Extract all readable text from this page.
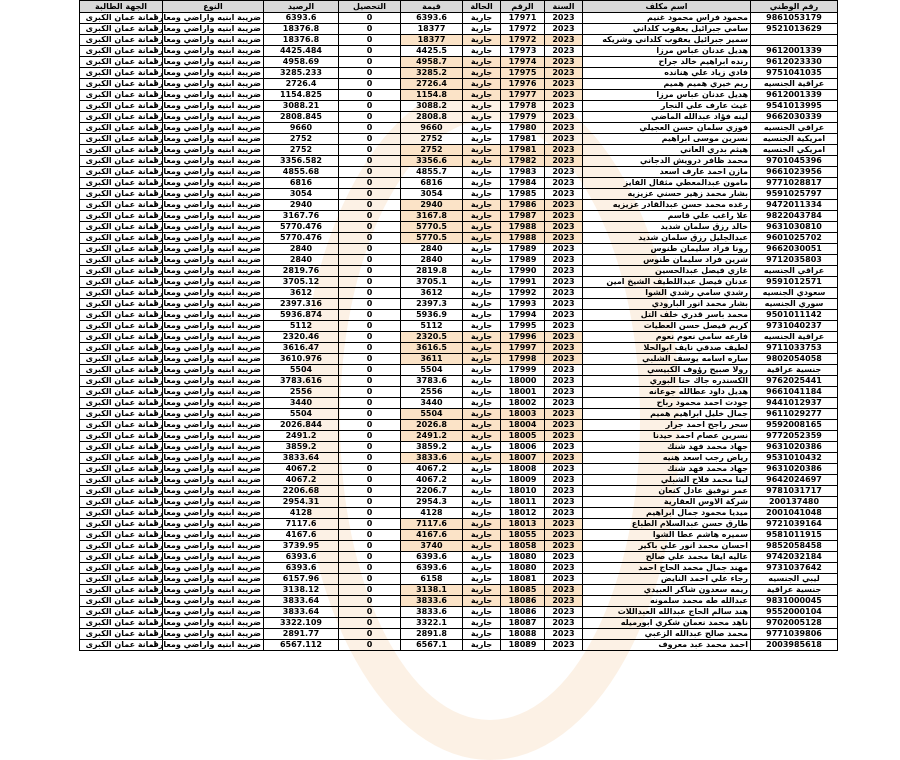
رقم الوطني	اسم مكلف	السنة	الرقم	الحالة	قيمة	التحصيل	الرصيد	النوع	الجهة الطالبة
9861053179	محمود فراس محمود غنيم	2023	17971	جارية	6393.6	0	6393.6	ضريبة ابنيه واراضي ومعارف	امانة عمان الكبرى
9521013629	سامي جبرائيل يعقوب كلداني	2023	17972	جارية	18377	0	18376.8	ضريبة ابنيه واراضي ومعارف	امانة عمان الكبرى
	سمير جبرائيل يعقوب كلداني وشريكه	2023	17972	جارية	18377	0	18376.8	ضريبة ابنيه واراضي ومعارف	امانة عمان الكبرى
9612001339	هديل عدنان عباس مرزا	2023	17973	جارية	4425.5	0	4425.484	ضريبة ابنيه واراضي ومعارف	امانة عمان الكبرى
9612023330	رنده ابراهيم خالد جراح	2023	17974	جارية	4958.7	0	4958.69	ضريبة ابنيه واراضي ومعارف	امانة عمان الكبرى
9751041035	فادي زياد علي هنانده	2023	17975	جارية	3285.2	0	3285.233	ضريبة ابنيه واراضي ومعارف	امانة عمان الكبرى
عراقية الجنسيه	ريم خيري هميم هميم	2023	17976	جارية	2726.4	0	2726.4	ضريبة ابنيه واراضي ومعارف	امانة عمان الكبرى
9612001339	هديل عدنان عباس مرزا	2023	17977	جارية	1154.8	0	1154.825	ضريبة ابنيه واراضي ومعارف	امانة عمان الكبرى
9541013995	غيث عارف علي النجار	2023	17978	جارية	3088.2	0	3088.21	ضريبة ابنيه واراضي ومعارف	امانة عمان الكبرى
9662030339	لينه فؤاد عبدالله الماضي	2023	17979	جارية	2808.8	0	2808.845	ضريبة ابنيه واراضي ومعارف	امانة عمان الكبرى
عراقي الجنسيه	فوزي سلمان حسن العجيلي	2023	17980	جارية	9660	0	9660	ضريبة ابنيه واراضي ومعارف	امانة عمان الكبرى
امريكية الجنسيه	نسرين موسى ابراهيم	2023	17981	جارية	2752	0	2752	ضريبة ابنيه واراضي ومعارف	امانة عمان الكبرى
امريكي الجنسيه	هيثم بدري العاني	2023	17981	جارية	2752	0	2752	ضريبة ابنيه واراضي ومعارف	امانة عمان الكبرى
9701045396	محمد ظافر درويش الدجاني	2023	17982	جارية	3356.6	0	3356.582	ضريبة ابنيه واراضي ومعارف	امانة عمان الكبرى
9661023956	مازن احمد عارف اسعد	2023	17983	جارية	4855.7	0	4855.68	ضريبة ابنيه واراضي ومعارف	امانة عمان الكبرى
9771028817	مامون عبدالمعطي مثقال الفايز	2023	17984	جارية	6816	0	6816	ضريبة ابنيه واراضي ومعارف	امانة عمان الكبرى
9591025797	بشار محمد زهير حسني عزيزيه	2023	17985	جارية	3054	0	3054	ضريبة ابنيه واراضي ومعارف	امانة عمان الكبرى
9472011334	رغده محمد حسن عبدالقادر عزيزيه	2023	17986	جارية	2940	0	2940	ضريبة ابنيه واراضي ومعارف	امانة عمان الكبرى
9822043784	علا راغب علي قاسم	2023	17987	جارية	3167.8	0	3167.76	ضريبة ابنيه واراضي ومعارف	امانة عمان الكبرى
9631030810	خالد رزق سلمان شديد	2023	17988	جارية	5770.5	0	5770.476	ضريبة ابنيه واراضي ومعارف	امانة عمان الكبرى
9601025702	عبدالجليل رزق سلمان شديد	2023	17988	جارية	5770.5	0	5770.476	ضريبة ابنيه واراضي ومعارف	امانة عمان الكبرى
9662030051	رونا فراد سليمان طنوس	2023	17989	جارية	2840	0	2840	ضريبة ابنيه واراضي ومعارف	امانة عمان الكبرى
9712035803	شرين فراد سليمان طنوس	2023	17989	جارية	2840	0	2840	ضريبة ابنيه واراضي ومعارف	امانة عمان الكبرى
عراقي الجنسيه	غازي فيصل عبدالحسين	2023	17990	جارية	2819.8	0	2819.76	ضريبة ابنيه واراضي ومعارف	امانة عمان الكبرى
9591012571	عدنان فيصل عبداللطيف الشيخ امين	2023	17991	جارية	3705.1	0	3705.12	ضريبة ابنيه واراضي ومعارف	امانة عمان الكبرى
سعودي الجنسيه	رشدي سامي رشدي الشوا	2023	17992	جارية	3612	0	3612	ضريبة ابنيه واراضي ومعارف	امانة عمان الكبرى
سوري الجنسيه	بشار محمد انور البارودي	2023	17993	جارية	2397.3	0	2397.316	ضريبة ابنيه واراضي ومعارف	امانة عمان الكبرى
9501011142	محمد باسر قدري خلف التل	2023	17994	جارية	5936.9	0	5936.874	ضريبة ابنيه واراضي ومعارف	امانة عمان الكبرى
9731040237	كريم فيصل حسن العطيات	2023	17995	جارية	5112	0	5112	ضريبة ابنيه واراضي ومعارف	امانة عمان الكبرى
عراقية الجنسيه	فارعه سامي نعوم نعوم	2023	17996	جارية	2320.5	0	2320.46	ضريبة ابنيه واراضي ومعارف	امانة عمان الكبرى
9711033753	لطيف صدقي نايف ابوالحلا	2023	17997	جارية	3616.5	0	3616.47	ضريبة ابنيه واراضي ومعارف	امانة عمان الكبرى
9802054058	ساره اسامه يوسف الشلبي	2023	17998	جارية	3611	0	3610.976	ضريبة ابنيه واراضي ومعارف	امانة عمان الكبرى
جنسية عراقية	رولا صبيح رؤوف الكبيسي	2023	17999	جارية	5504	0	5504	ضريبة ابنيه واراضي ومعارف	امانة عمان الكبرى
9762025441	الكسندره جاك حنا البوري	2023	18000	جارية	3783.6	0	3783.616	ضريبة ابنيه واراضي ومعارف	امانة عمان الكبرى
9661041184	هديل داود عطالله جوعانه	2023	18001	جارية	2556	0	2556	ضريبة ابنيه واراضي ومعارف	امانة عمان الكبرى
9441012937	جودت احمد محمود رباح	2023	18002	جارية	3440	0	3440	ضريبة ابنيه واراضي ومعارف	امانة عمان الكبرى
9611029277	جمال خليل ابراهيم هميم	2023	18003	جارية	5504	0	5504	ضريبة ابنيه واراضي ومعارف	امانة عمان الكبرى
9592008165	سحر راجح احمد جرار	2023	18004	جارية	2026.8	0	2026.844	ضريبة ابنيه واراضي ومعارف	امانة عمان الكبرى
9772052359	نسرين عصام احمد حيدنا	2023	18005	جارية	2491.2	0	2491.2	ضريبة ابنيه واراضي ومعارف	امانة عمان الكبرى
9631020386	جهاد محمد فهد شنك	2023	18006	جارية	3859.2	0	3859.2	ضريبة ابنيه واراضي ومعارف	امانة عمان الكبرى
9531010432	رياض رجب اسعد هنيه	2023	18007	جارية	3833.6	0	3833.64	ضريبة ابنيه واراضي ومعارف	امانة عمان الكبرى
9631020386	جهاد محمد فهد شنك	2023	18008	جارية	4067.2	0	4067.2	ضريبة ابنيه واراضي ومعارف	امانة عمان الكبرى
9642024697	لينا محمد فلاح الشبلي	2023	18009	جارية	4067.2	0	4067.2	ضريبة ابنيه واراضي ومعارف	امانة عمان الكبرى
9781031717	عمر توفيق عادل كنعان	2023	18010	جارية	2206.7	0	2206.68	ضريبة ابنيه واراضي ومعارف	امانة عمان الكبرى
200137480	شركة الاوس العقارية	2023	18011	جارية	2954.3	0	2954.31	ضريبة ابنيه واراضي ومعارف	امانة عمان الكبرى
2001041048	ميديا محمود جمال ابراهيم	2023	18012	جارية	4128	0	4128	ضريبة ابنيه واراضي ومعارف	امانة عمان الكبرى
9721039164	طارق حسن عبدالسلام الطباع	2023	18013	جارية	7117.6	0	7117.6	ضريبة ابنيه واراضي ومعارف	امانة عمان الكبرى
9581011915	سميره هاشم عطا الشوا	2023	18055	جارية	4167.6	0	4167.6	ضريبة ابنيه واراضي ومعارف	امانة عمان الكبرى
9852058458	احسان محمد انور علي باكير	2023	18058	جارية	3740	0	3739.95	ضريبة ابنيه واراضي ومعارف	امانة عمان الكبرى
9742032184	عاليه ايفا محمد علي صالح	2023	18080	جارية	6393.6	0	6393.6	ضريبة ابنيه واراضي ومعارف	امانة عمان الكبرى
9731037642	مهند جمال محمد الحاج احمد	2023	18080	جارية	6393.6	0	6393.6	ضريبة ابنيه واراضي ومعارف	امانة عمان الكبرى
ليبي الجنسيه	رجاء علي احمد النايض	2023	18081	جارية	6158	0	6157.96	ضريبة ابنيه واراضي ومعارف	امانة عمان الكبرى
جنسية عراقية	ريمه سعدون شاكر العبيدي	2023	18085	جارية	3138.1	0	3138.12	ضريبة ابنيه واراضي ومعارف	امانة عمان الكبرى
9831000045	عبدالله طه محمد سلمونه	2023	18086	جارية	3833.6	0	3833.64	ضريبة ابنيه واراضي ومعارف	امانة عمان الكبرى
9552000104	هند سالم الحاج عبدالله العبداللات	2023	18086	جارية	3833.6	0	3833.64	ضريبة ابنيه واراضي ومعارف	امانة عمان الكبرى
9702005128	ناهد محمد نعمان شكري ابورميله	2023	18087	جارية	3322.1	0	3322.109	ضريبة ابنيه واراضي ومعارف	امانة عمان الكبرى
9771039806	محمد صالح عبدالله الزعبي	2023	18088	جارية	2891.8	0	2891.77	ضريبة ابنيه واراضي ومعارف	امانة عمان الكبرى
2003985618	احمد محمد عبد معروف	2023	18089	جارية	6567.1	0	6567.112	ضريبة ابنيه واراضي ومعارف	امانة عمان الكبرى
